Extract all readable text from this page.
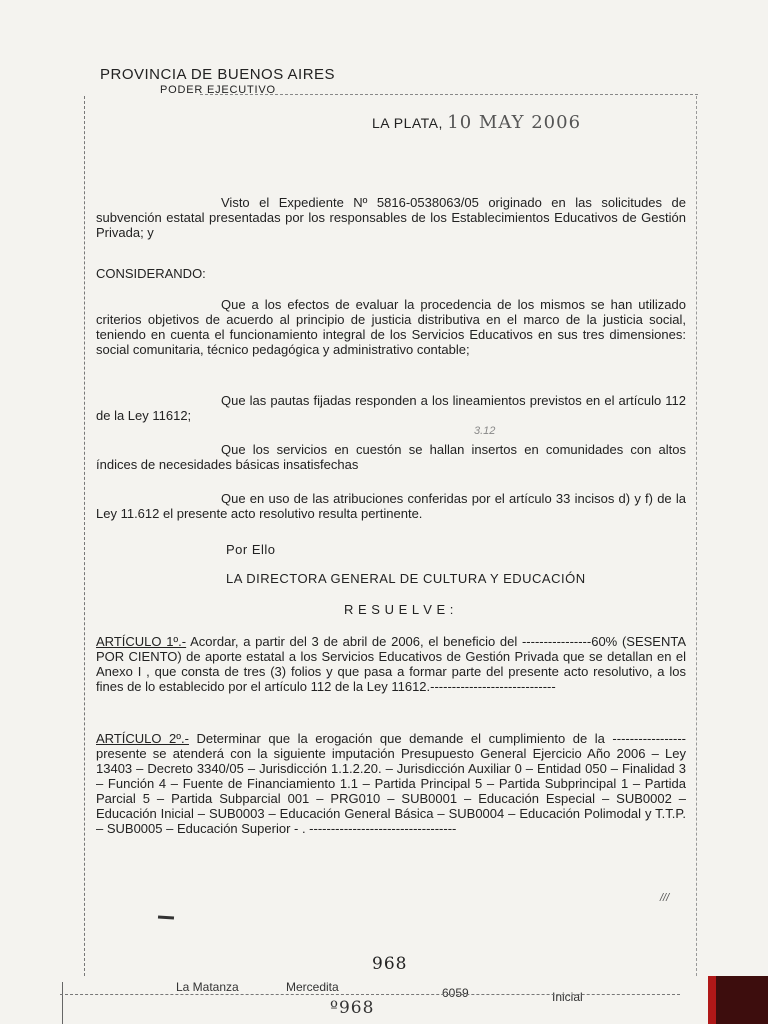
PROVINCIA DE BUENOS AIRES
PODER EJECUTIVO
LA PLATA, 10 MAY 2006
Visto el Expediente Nº 5816-0538063/05 originado en las solicitudes de subvención estatal presentadas por los responsables de los Establecimientos Educativos de Gestión Privada; y
CONSIDERANDO:
Que a los efectos de evaluar la procedencia de los mismos se han utilizado criterios objetivos de acuerdo al principio de justicia distributiva en el marco de la justicia social, teniendo en cuenta el funcionamiento integral de los Servicios Educativos en sus tres dimensiones: social comunitaria, técnico pedagógica y administrativo contable;
Que las pautas fijadas responden a los lineamientos previstos en el artículo 112 de la Ley 11612;
3.12
Que los servicios en cuestón se hallan insertos en comunidades con altos índices de necesidades básicas insatisfechas
Que en uso de las atribuciones conferidas por el artículo 33 incisos d) y f) de la Ley 11.612 el presente acto resolutivo resulta pertinente.
Por Ello
LA DIRECTORA GENERAL DE CULTURA Y EDUCACIÓN
R E S U E L V E :
ARTÍCULO 1º.- Acordar, a partir del 3 de abril de 2006, el beneficio del ----------------60% (SESENTA POR CIENTO) de aporte estatal a los Servicios Educativos de Gestión Privada que se detallan en el Anexo I , que consta de tres (3) folios y que pasa a formar parte del presente acto resolutivo, a los fines de lo establecido por el artículo 112 de la Ley 11612.-----------------------------
ARTÍCULO 2º.- Determinar que la erogación que demande el cumplimiento de la -----------------presente se atenderá con la siguiente imputación Presupuesto General Ejercicio Año 2006 – Ley 13403 – Decreto 3340/05 – Jurisdicción 1.1.2.20. – Jurisdicción Auxiliar 0 – Entidad 050 – Finalidad 3 – Función 4 – Fuente de Financiamiento 1.1 – Partida Principal 5 – Partida Subprincipal 1 – Partida Parcial 5 – Partida Subparcial 001 – PRG010 – SUB0001 – Educación Especial – SUB0002 – Educación Inicial – SUB0003 – Educación General Básica – SUB0004 – Educación Polimodal y T.T.P. – SUB0005 – Educación Superior - . ----------------------------------
///
968
La Matanza	Mercedita	6059	Inicial
º968
